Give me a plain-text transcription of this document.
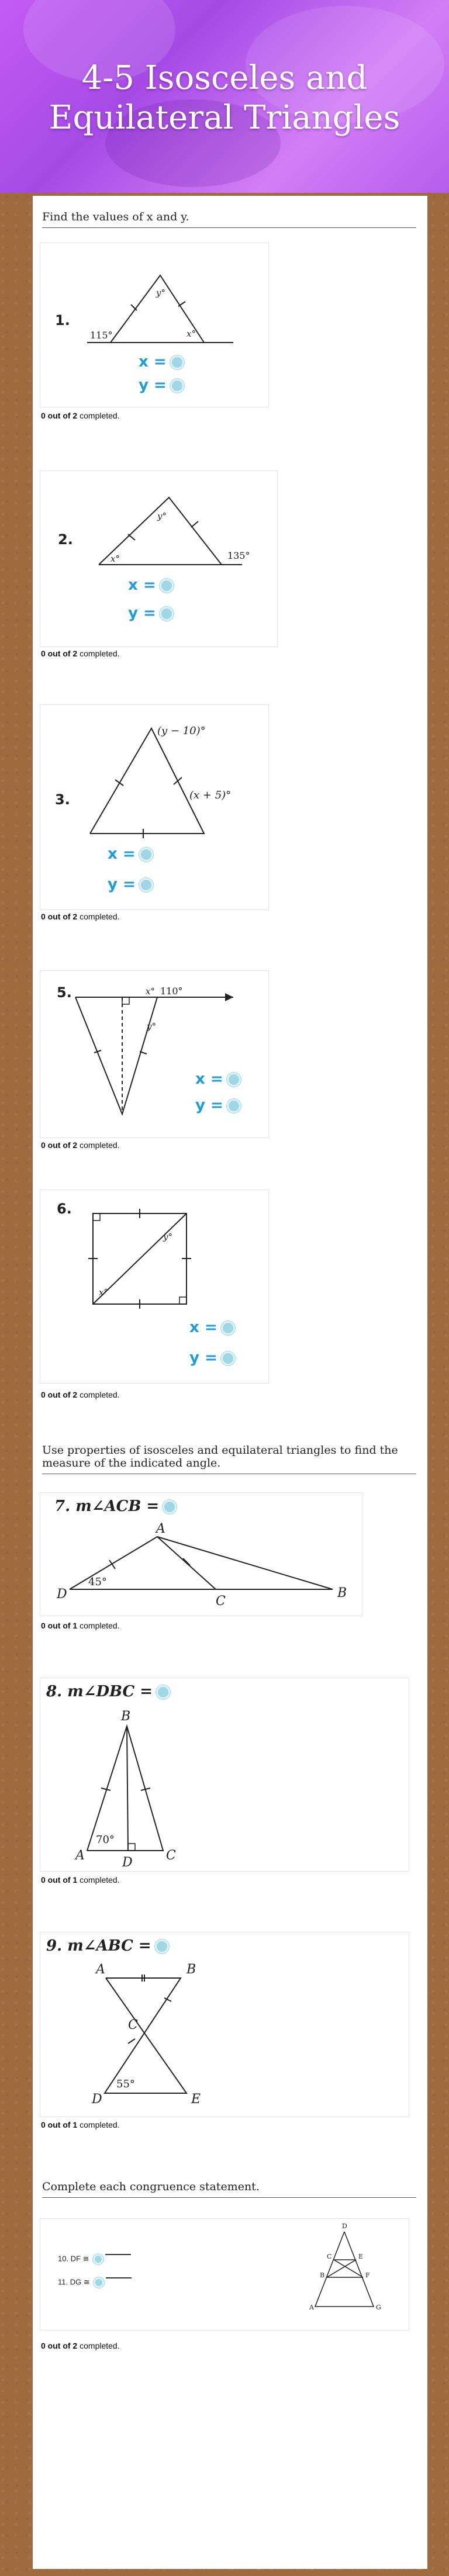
4-5 Isosceles and
Equilateral Triangles
Find the values of x and y.
1.
115°	x°
y°
x =
y =
0 out of 2 completed.
2.
x°
y°
135°
x =
y =
0 out of 2 completed.
3.
(y − 10)°
(x + 5)°
x =
y =
0 out of 2 completed.
5.	x° 110°
y°
x =
y =
0 out of 2 completed.
6.
y°
x°
x =
y =
0 out of 2 completed.
Use properties of isosceles and equilateral triangles to find the measure of the indicated angle.
7. m∠ACB =
A
B
C
D
45°
0 out of 1 completed.
8. m∠DBC =
B
A	C
D
70°
0 out of 1 completed.
9. m∠ABC =
A	B
C
D	E
55°
0 out of 1 completed.
Complete each congruence statement.
10. DF ≅
11. DG ≅
D
C	E
B	F
A	G
0 out of 2 completed.
